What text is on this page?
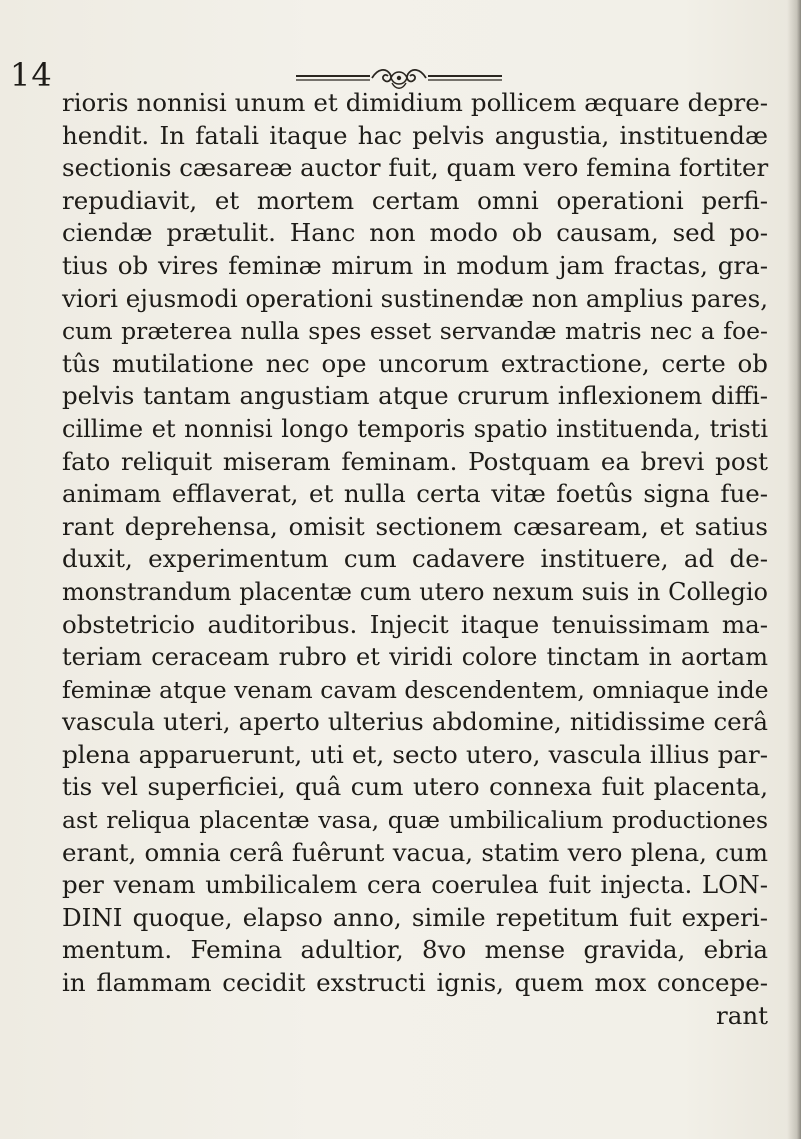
14
rioris nonnisi unum et dimidium pollicem æquare depre-
hendit. In fatali itaque hac pelvis angustia, instituendæ
sectionis cæsareæ auctor fuit, quam vero femina fortiter
repudiavit, et mortem certam omni operationi perfi-
ciendæ prætulit. Hanc non modo ob causam, sed po-
tius ob vires feminæ mirum in modum jam fractas, gra-
viori ejusmodi operationi sustinendæ non amplius pares,
cum præterea nulla spes esset servandæ matris nec a foe-
tûs mutilatione nec ope uncorum extractione, certe ob
pelvis tantam angustiam atque crurum inflexionem diffi-
cillime et nonnisi longo temporis spatio instituenda, tristi
fato reliquit miseram feminam. Postquam ea brevi post
animam efflaverat, et nulla certa vitæ foetûs signa fue-
rant deprehensa, omisit sectionem cæsaream, et satius
duxit, experimentum cum cadavere instituere, ad de-
monstrandum placentæ cum utero nexum suis in Collegio
obstetricio auditoribus. Injecit itaque tenuissimam ma-
teriam ceraceam rubro et viridi colore tinctam in aortam
feminæ atque venam cavam descendentem, omniaque inde
vascula uteri, aperto ulterius abdomine, nitidissime cerâ
plena apparuerunt, uti et, secto utero, vascula illius par-
tis vel superficiei, quâ cum utero connexa fuit placenta,
ast reliqua placentæ vasa, quæ umbilicalium productiones
erant, omnia cerâ fuêrunt vacua, statim vero plena, cum
per venam umbilicalem cera coerulea fuit injecta. LON-
DINI quoque, elapso anno, simile repetitum fuit experi-
mentum. Femina adultior, 8vo mense gravida, ebria
in flammam cecidit exstructi ignis, quem mox concepe-
rant
